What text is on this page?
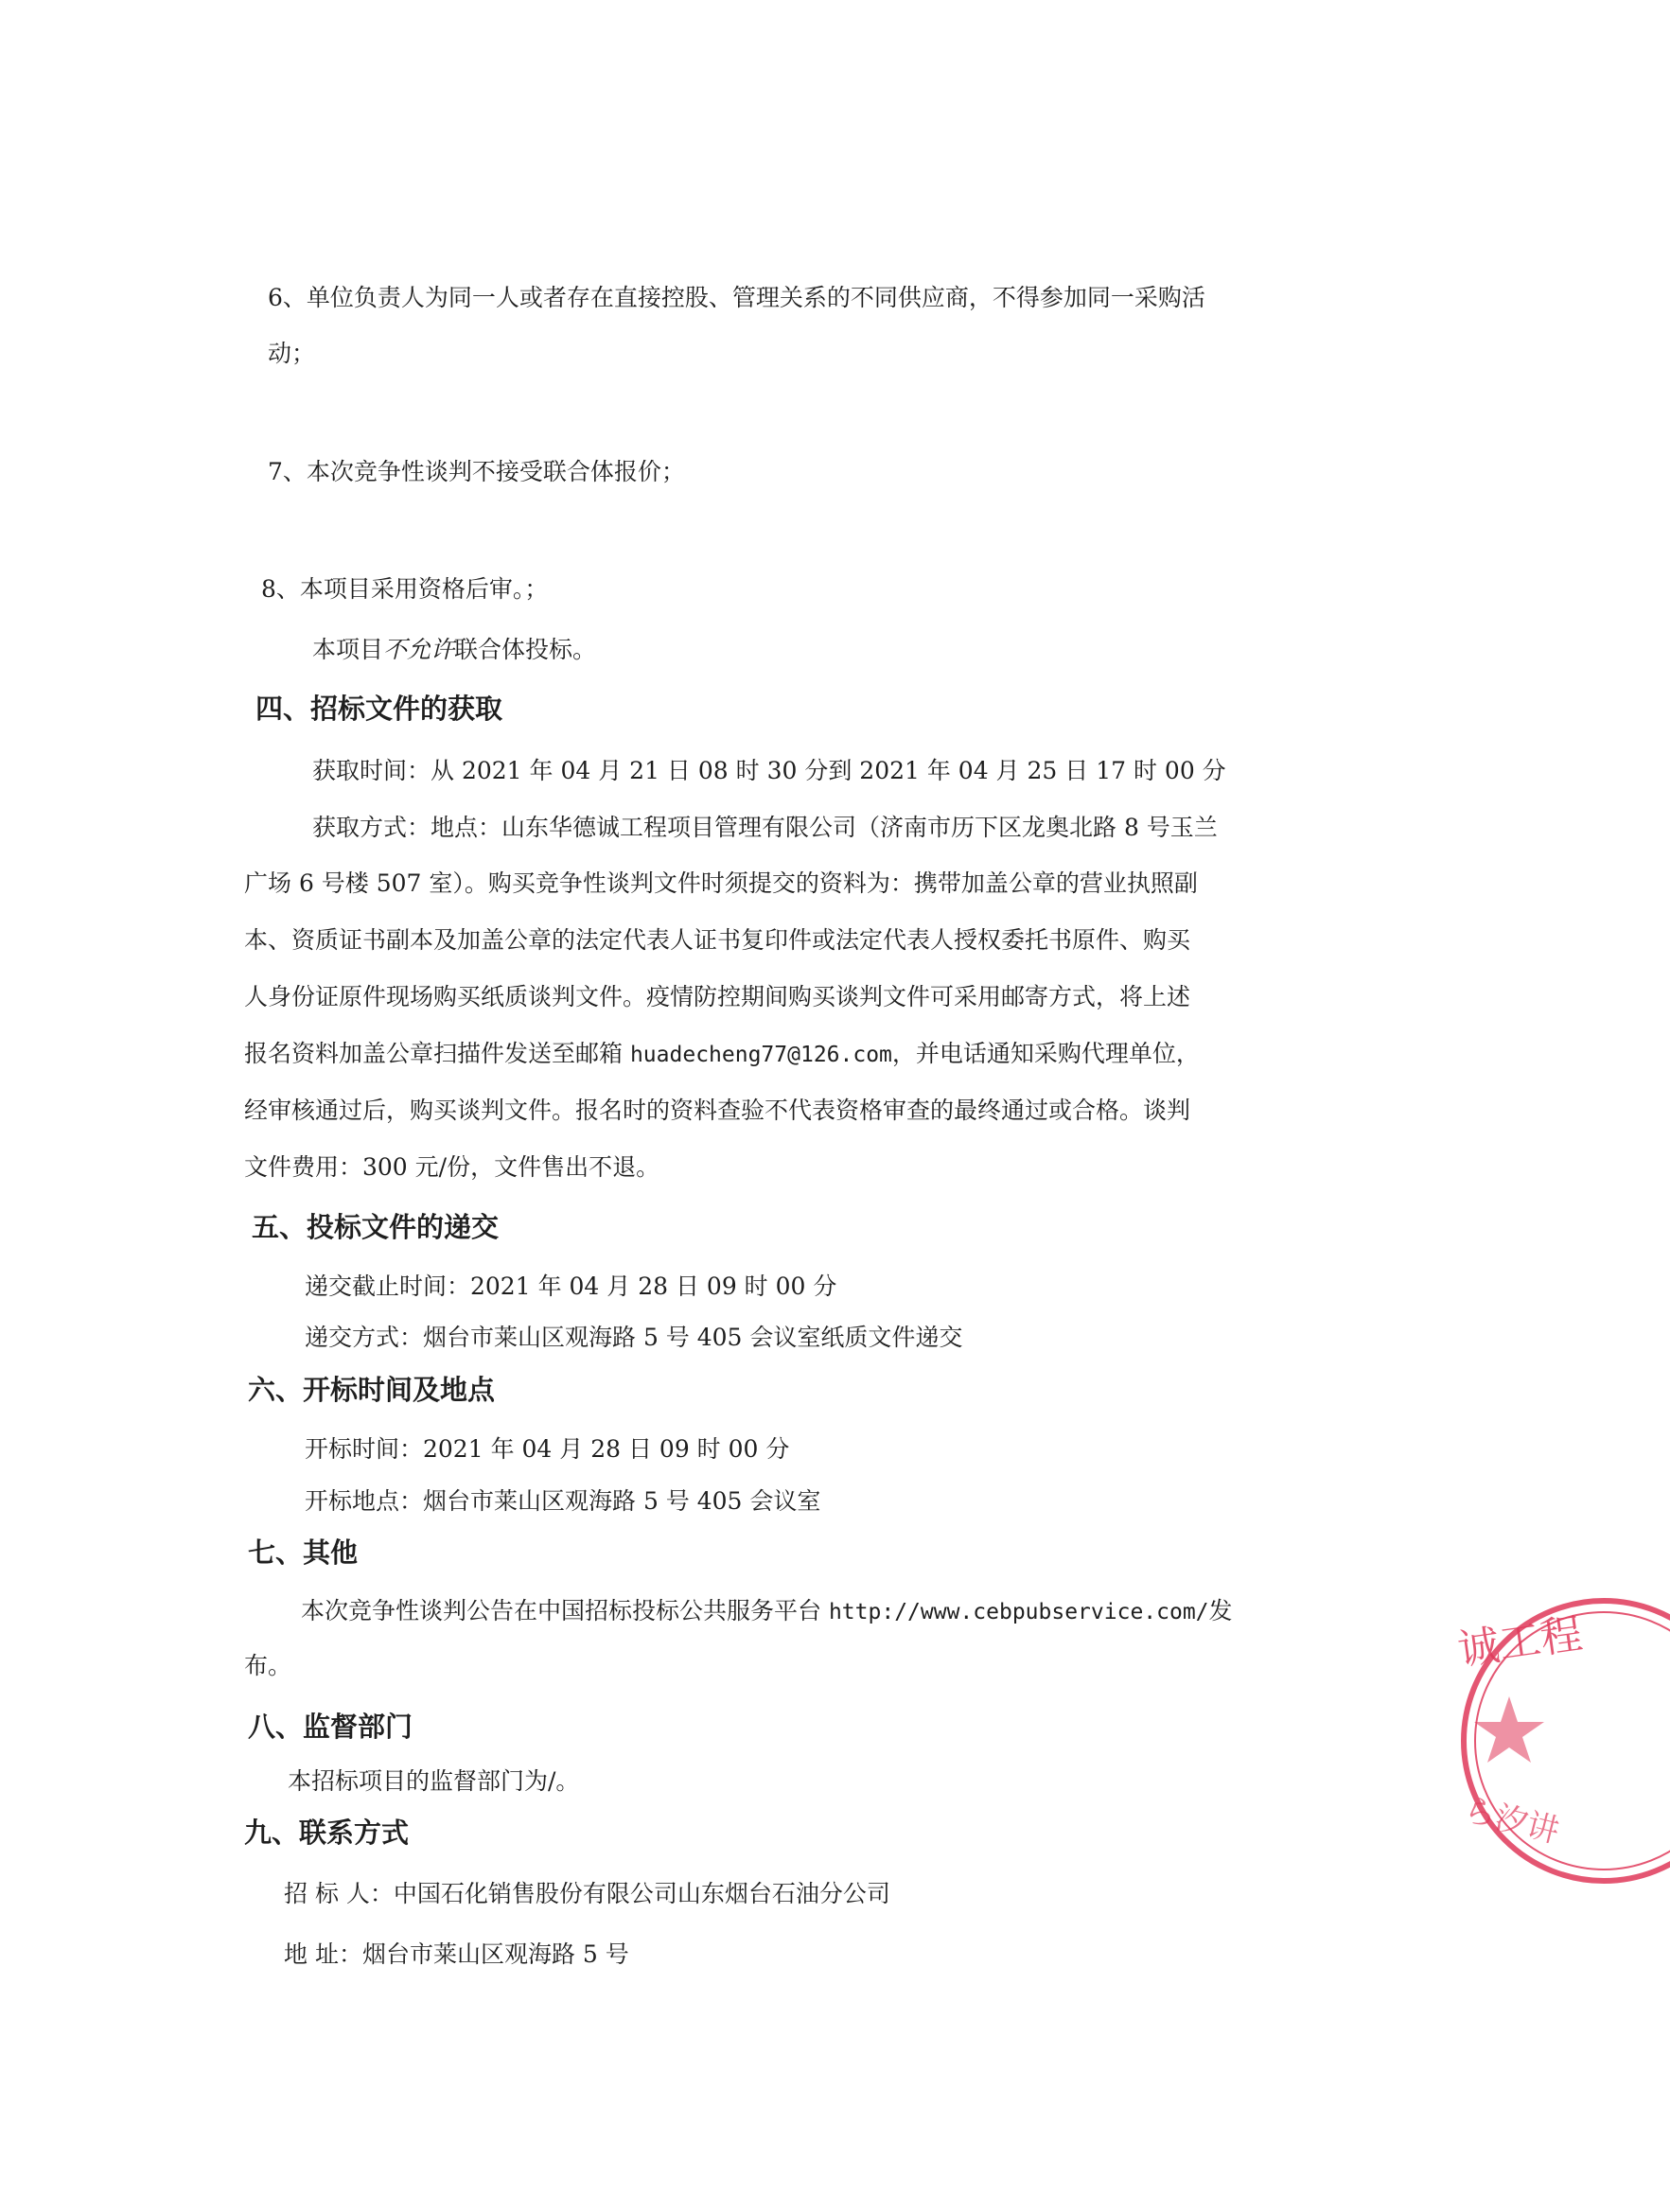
6、单位负责人为同一人或者存在直接控股、管理关系的不同供应商，不得参加同一采购活
动；
7、本次竞争性谈判不接受联合体报价；
8、本项目采用资格后审。；
本项目不允许联合体投标。
四、招标文件的获取
获取时间：从 2021 年 04 月 21 日 08 时 30 分到 2021 年 04 月 25 日 17 时 00 分
获取方式：地点：山东华德诚工程项目管理有限公司（济南市历下区龙奥北路 8 号玉兰
广场 6 号楼 507 室）。购买竞争性谈判文件时须提交的资料为：携带加盖公章的营业执照副
本、资质证书副本及加盖公章的法定代表人证书复印件或法定代表人授权委托书原件、购买
人身份证原件现场购买纸质谈判文件。疫情防控期间购买谈判文件可采用邮寄方式，将上述
报名资料加盖公章扫描件发送至邮箱 huadecheng77@126.com，并电话通知采购代理单位，
经审核通过后，购买谈判文件。报名时的资料查验不代表资格审查的最终通过或合格。谈判
文件费用：300 元/份，文件售出不退。
五、投标文件的递交
递交截止时间：2021 年 04 月 28 日 09 时 00 分
递交方式：烟台市莱山区观海路 5 号 405 会议室纸质文件递交
六、开标时间及地点
开标时间：2021 年 04 月 28 日 09 时 00 分
开标地点：烟台市莱山区观海路 5 号 405 会议室
七、其他
本次竞争性谈判公告在中国招标投标公共服务平台 http://www.cebpubservice.com/发
布。
八、监督部门
本招标项目的监督部门为/。
九、联系方式
招 标 人：中国石化销售股份有限公司山东烟台石油分公司
地 址：烟台市莱山区观海路 5 号
诚工程
ら汐讲
